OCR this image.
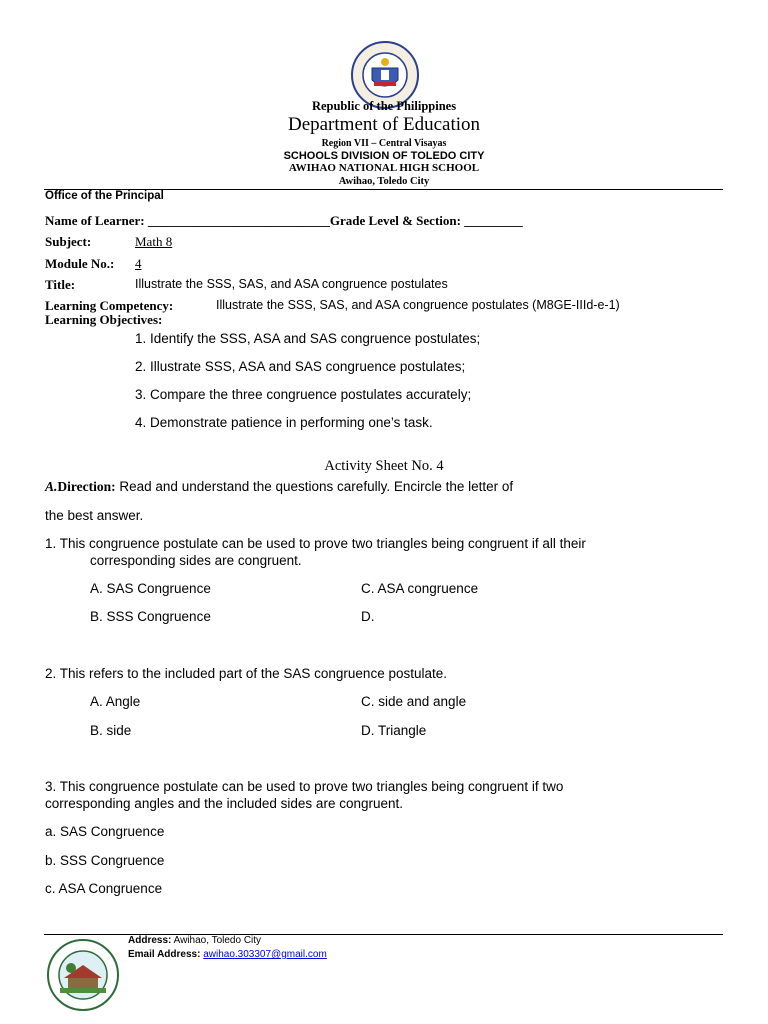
Republic of the Philippines
Department of Education
Region VII – Central Visayas
SCHOOLS DIVISION OF TOLEDO CITY
AWIHAO NATIONAL HIGH SCHOOL
Awihao, Toledo City
Office of the Principal
Name of Learner: ____________________________Grade Level & Section: _________
Subject:	Math 8
Module No.: 4
Title:	Illustrate the SSS, SAS, and ASA congruence postulates
Learning Competency:	Illustrate the SSS, SAS, and ASA congruence postulates (M8GE-IIId-e-1)
Learning Objectives:
1. Identify the SSS, ASA and SAS congruence postulates;
2. Illustrate SSS, ASA and SAS congruence postulates;
3. Compare the three congruence postulates accurately;
4. Demonstrate patience in performing one’s task.
Activity Sheet No. 4
A.Direction: Read and understand the questions carefully. Encircle the letter of
the best answer.
1. This congruence postulate can be used to prove two triangles being congruent if all their
corresponding sides are congruent.
A. SAS Congruence	C. ASA congruence
B. SSS Congruence	D.
2. This refers to the included part of the SAS congruence postulate.
A. Angle	C. side and angle
B. side	D. Triangle
3. This congruence postulate can be used to prove two triangles being congruent if two
corresponding angles and the included sides are congruent.
a. SAS Congruence
b. SSS Congruence
c. ASA Congruence
Address: Awihao, Toledo City
Email Address: awihao.303307@gmail.com
